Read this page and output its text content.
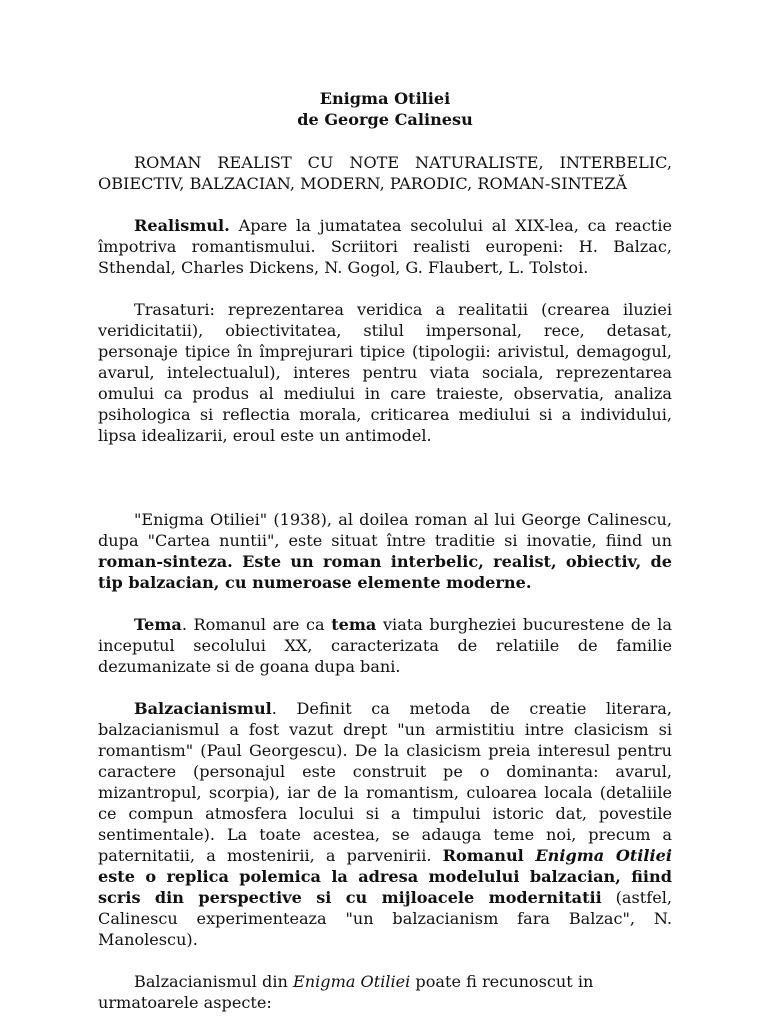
Enigma Otiliei
de George Calinesu

ROMAN REALIST CU NOTE NATURALISTE, INTERBELIC, OBIECTIV, BALZACIAN, MODERN, PARODIC, ROMAN-SINTEZĂ

Realismul. Apare la jumatatea secolului al XIX-lea, ca reactie împotriva romantismului. Scriitori realisti europeni: H. Balzac, Sthendal, Charles Dickens, N. Gogol, G. Flaubert, L. Tolstoi.

Trasaturi: reprezentarea veridica a realitatii (crearea iluziei veridicitatii), obiectivitatea, stilul impersonal, rece, detasat, personaje tipice în împrejurari tipice (tipologii: arivistul, demagogul, avarul, intelectualul), interes pentru viata sociala, reprezentarea omului ca produs al mediului in care traieste, observatia, analiza psihologica si reflectia morala, criticarea mediului si a individului, lipsa idealizarii, eroul este un antimodel.

"Enigma Otiliei" (1938), al doilea roman al lui George Calinescu, dupa "Cartea nuntii", este situat între traditie si inovatie, fiind un roman-sinteza. Este un roman interbelic, realist, obiectiv, de tip balzacian, cu numeroase elemente moderne.

Tema. Romanul are ca tema viata burgheziei bucurestene de la inceputul secolului XX, caracterizata de relatiile de familie dezumanizate si de goana dupa bani.

Balzacianismul. Definit ca metoda de creatie literara, balzacianismul a fost vazut drept "un armistitiu intre clasicism si romantism" (Paul Georgescu). De la clasicism preia interesul pentru caractere (personajul este construit pe o dominanta: avarul, mizantropul, scorpia), iar de la romantism, culoarea locala (detaliile ce compun atmosfera locului si a timpului istoric dat, povestile sentimentale). La toate acestea, se adauga teme noi, precum a paternitatii, a mostenirii, a parvenirii. Romanul Enigma Otiliei este o replica polemica la adresa modelului balzacian, fiind scris din perspective si cu mijloacele modernitatii (astfel, Calinescu experimenteaza "un balzacianism fara Balzac", N. Manolescu).

Balzacianismul din Enigma Otiliei poate fi recunoscut in urmatoarele aspecte:
